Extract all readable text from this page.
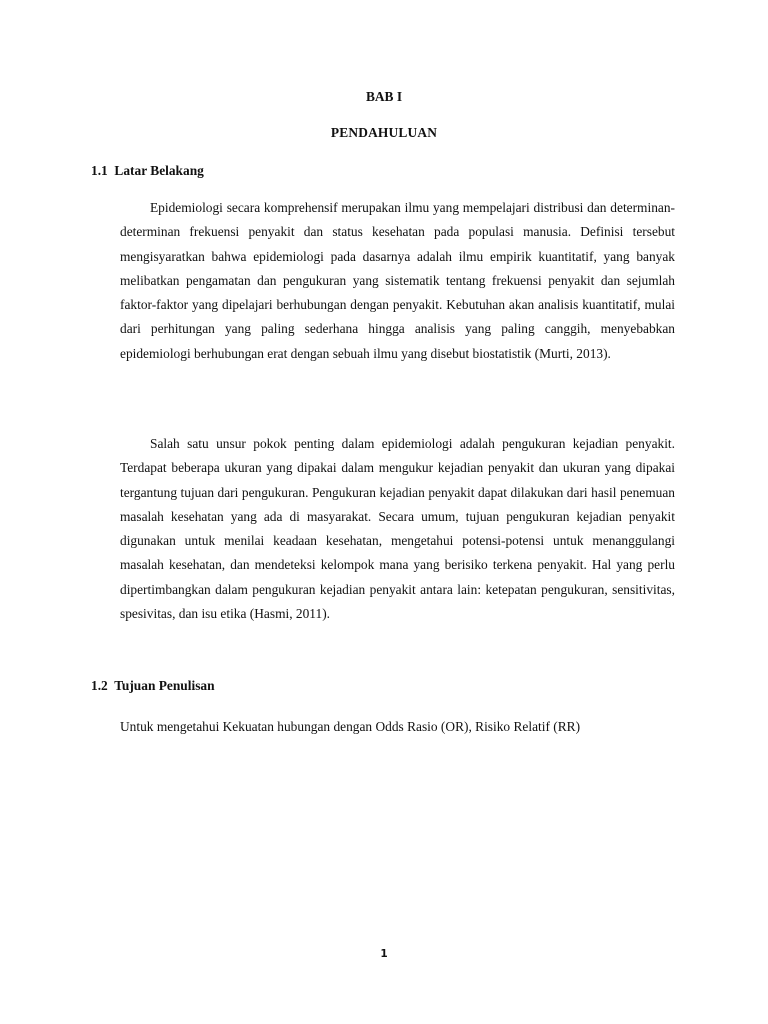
BAB I
PENDAHULUAN
1.1  Latar Belakang

Epidemiologi secara komprehensif merupakan ilmu yang mempelajari distribusi dan determinan-determinan frekuensi penyakit dan status kesehatan pada populasi manusia. Definisi tersebut mengisyaratkan bahwa epidemiologi pada dasarnya adalah ilmu empirik kuantitatif, yang banyak melibatkan pengamatan dan pengukuran yang sistematik tentang frekuensi penyakit dan sejumlah faktor-faktor yang dipelajari berhubungan dengan penyakit. Kebutuhan akan analisis kuantitatif, mulai dari perhitungan yang paling sederhana hingga analisis yang paling canggih, menyebabkan epidemiologi berhubungan erat dengan sebuah ilmu yang disebut biostatistik (Murti, 2013).

Salah satu unsur pokok penting dalam epidemiologi adalah pengukuran kejadian penyakit. Terdapat beberapa ukuran yang dipakai dalam mengukur kejadian penyakit dan ukuran yang dipakai tergantung tujuan dari pengukuran. Pengukuran kejadian penyakit dapat dilakukan dari hasil penemuan masalah kesehatan yang ada di masyarakat. Secara umum, tujuan pengukuran kejadian penyakit digunakan untuk menilai keadaan kesehatan, mengetahui potensi-potensi untuk menanggulangi masalah kesehatan, dan mendeteksi kelompok mana yang berisiko terkena penyakit. Hal yang perlu dipertimbangkan dalam pengukuran kejadian penyakit antara lain: ketepatan pengukuran, sensitivitas, spesivitas, dan isu etika (Hasmi, 2011).

1.2  Tujuan Penulisan

Untuk mengetahui Kekuatan hubungan dengan Odds Rasio (OR), Risiko Relatif (RR)

1
